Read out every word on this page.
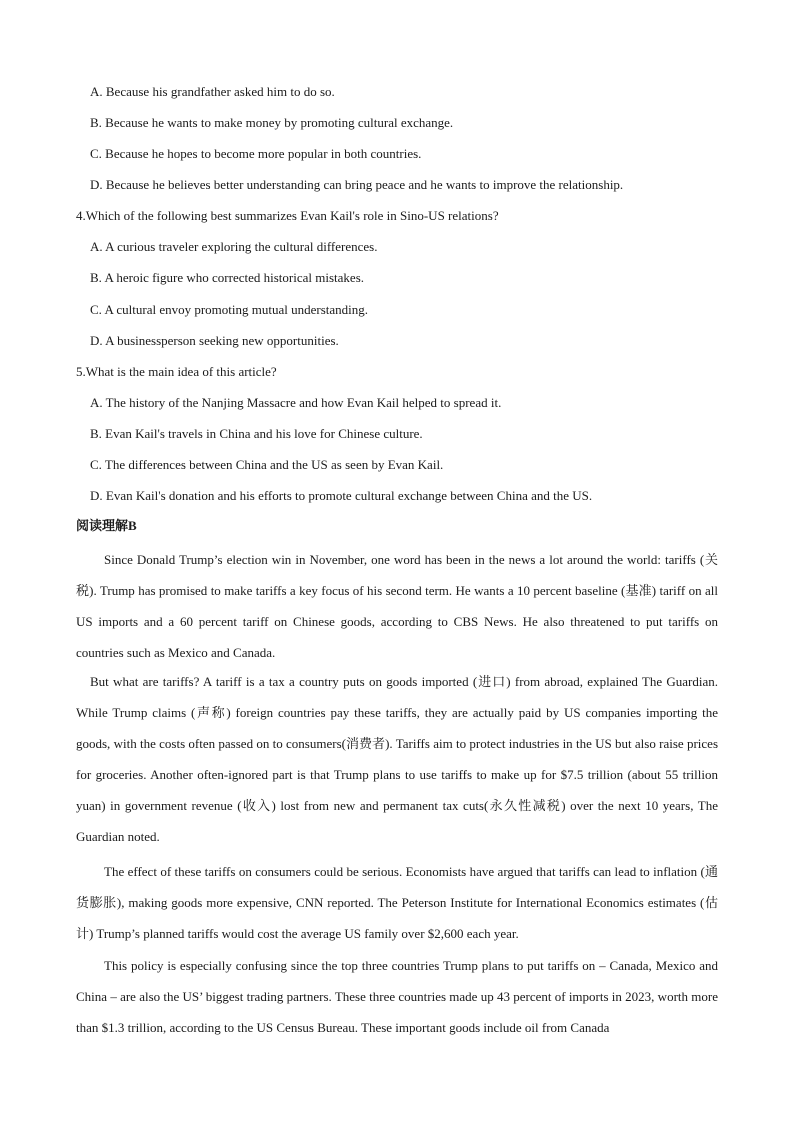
A. Because his grandfather asked him to do so.
B. Because he wants to make money by promoting cultural exchange.
C. Because he hopes to become more popular in both countries.
D. Because he believes better understanding can bring peace and he wants to improve the relationship.
4.Which of the following best summarizes Evan Kail's role in Sino-US relations?
A. A curious traveler exploring the cultural differences.
B. A heroic figure who corrected historical mistakes.
C. A cultural envoy promoting mutual understanding.
D. A businessperson seeking new opportunities.
5.What is the main idea of this article?
A. The history of the Nanjing Massacre and how Evan Kail helped to spread it.
B. Evan Kail's travels in China and his love for Chinese culture.
C. The differences between China and the US as seen by Evan Kail.
D. Evan Kail's donation and his efforts to promote cultural exchange between China and the US.
阅读理解B

Since Donald Trump’s election win in November, one word has been in the news a lot around the world: tariffs (关税). Trump has promised to make tariffs a key focus of his second term. He wants a 10 percent baseline (基准) tariff on all US imports and a 60 percent tariff on Chinese goods, according to CBS News. He also threatened to put tariffs on countries such as Mexico and Canada.

But what are tariffs? A tariff is a tax a country puts on goods imported (进口) from abroad, explained The Guardian. While Trump claims (声称) foreign countries pay these tariffs, they are actually paid by US companies importing the goods, with the costs often passed on to consumers(消费者). Tariffs aim to protect industries in the US but also raise prices for groceries. Another often-ignored part is that Trump plans to use tariffs to make up for $7.5 trillion (about 55 trillion yuan) in government revenue (收入) lost from new and permanent tax cuts(永久性减税) over the next 10 years, The Guardian noted.

The effect of these tariffs on consumers could be serious. Economists have argued that tariffs can lead to inflation (通货膨胀), making goods more expensive, CNN reported. The Peterson Institute for International Economics estimates (估计) Trump’s planned tariffs would cost the average US family over $2,600 each year.

This policy is especially confusing since the top three countries Trump plans to put tariffs on – Canada, Mexico and China – are also the US’ biggest trading partners. These three countries made up 43 percent of imports in 2023, worth more than $1.3 trillion, according to the US Census Bureau. These important goods include oil from Canada
